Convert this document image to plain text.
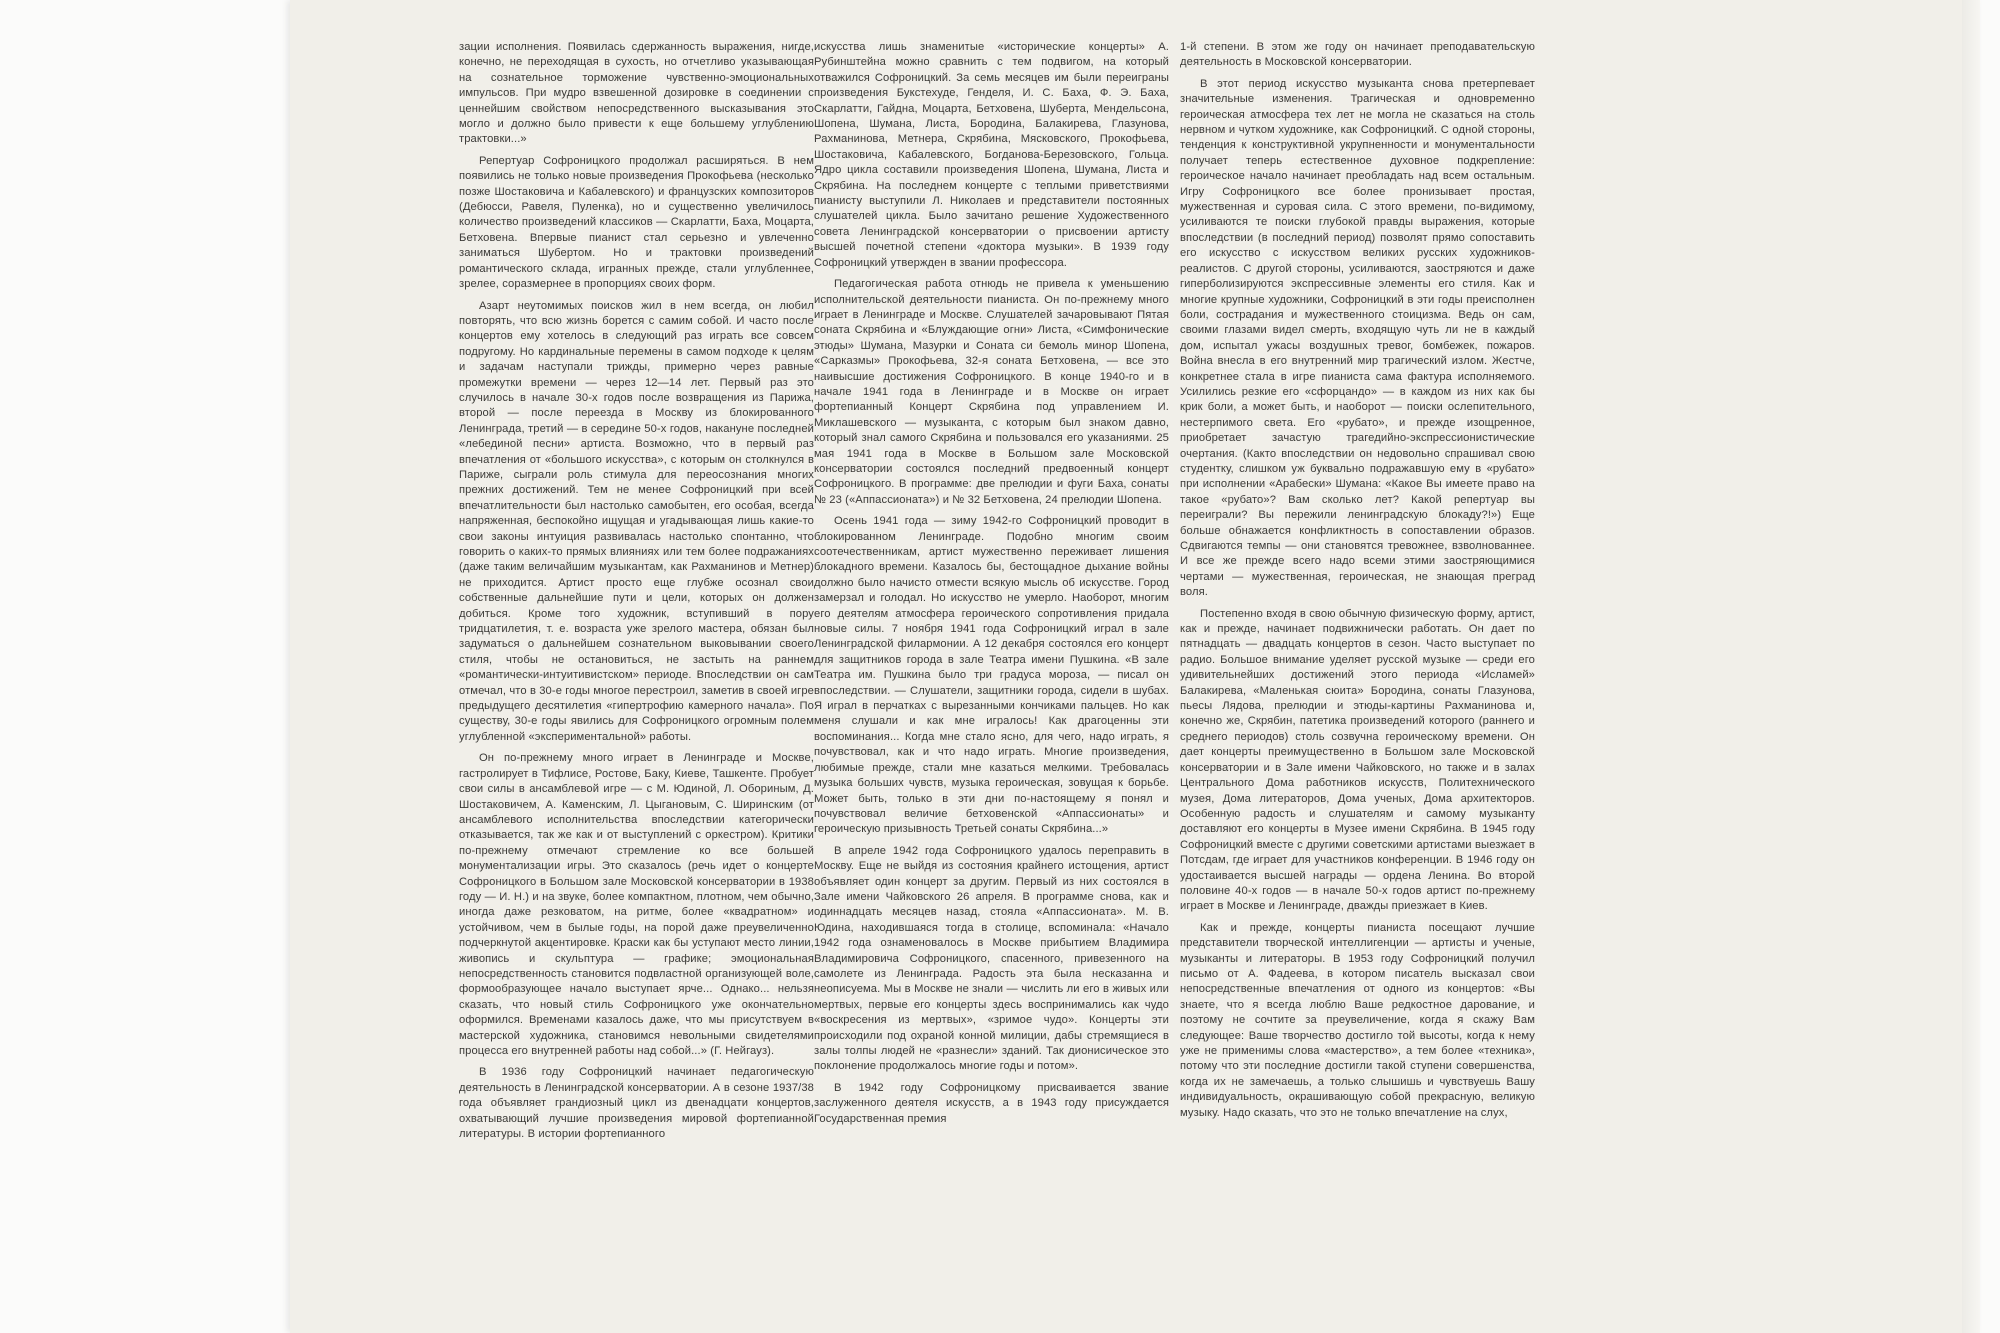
зации исполнения. Появилась сдержанность выражения, нигде, конечно, не переходящая в сухость, но отчетливо указывающая на сознательное торможение чувственно-эмоциональных импульсов. При мудро взвешенной дозировке в соединении с ценнейшим свойством непосредственного высказывания это могло и должно было привести к еще большему углублению трактовки...»

Репертуар Софроницкого продолжал расширяться. В нем появились не только новые произведения Прокофьева (несколько позже Шостаковича и Кабалевского) и французских композиторов (Дебюсси, Равеля, Пуленка), но и существенно увеличилось количество произведений классиков — Скарлатти, Баха, Моцарта, Бетховена. Впервые пианист стал серьезно и увлеченно заниматься Шубертом. Но и трактовки произведений романтического склада, игранных прежде, стали углубленнее, зрелее, соразмернее в пропорциях своих форм.

Азарт неутомимых поисков жил в нем всегда, он любил повторять, что всю жизнь борется с самим собой. И часто после концертов ему хотелось в следующий раз играть все совсем подругому. Но кардинальные перемены в самом подходе к целям и задачам наступали трижды, примерно через равные промежутки времени — через 12—14 лет. Первый раз это случилось в начале 30-х годов после возвращения из Парижа, второй — после переезда в Москву из блокированного Ленинграда, третий — в середине 50-х годов, накануне последней «лебединой песни» артиста. Возможно, что в первый раз впечатления от «большого искусства», с которым он столкнулся в Париже, сыграли роль стимула для переосознания многих прежних достижений. Тем не менее Софроницкий при всей впечатлительности был настолько самобытен, его особая, всегда напряженная, беспокойно ищущая и угадывающая лишь какие-то свои законы интуиция развивалась настолько спонтанно, что говорить о каких-то прямых влияниях или тем более подражаниях (даже таким величайшим музыкантам, как Рахманинов и Метнер) не приходится. Артист просто еще глубже осознал свои собственные дальнейшие пути и цели, которых он должен добиться. Кроме того художник, вступивший в пору тридцатилетия, т. е. возраста уже зрелого мастера, обязан был задуматься о дальнейшем сознательном выковывании своего стиля, чтобы не остановиться, не застыть на раннем «романтически-интуитивистском» периоде. Впоследствии он сам отмечал, что в 30-е годы многое перестроил, заметив в своей игре предыдущего десятилетия «гипертрофию камерного начала». По существу, 30-е годы явились для Софроницкого огромным полем углубленной «экспериментальной» работы.

Он по-прежнему много играет в Ленинграде и Москве, гастролирует в Тифлисе, Ростове, Баку, Киеве, Ташкенте. Пробует свои силы в ансамблевой игре — с М. Юдиной, Л. Обориным, Д. Шостаковичем, А. Каменским, Л. Цыгановым, С. Ширинским (от ансамблевого исполнительства впоследствии категорически отказывается, так же как и от выступлений с оркестром). Критики по-прежнему отмечают стремление ко все большей монументализации игры. Это сказалось (речь идет о концерте Софроницкого в Большом зале Московской консерватории в 1938 году — И. Н.) и на звуке, более компактном, плотном, чем обычно, иногда даже резковатом, на ритме, более «квадратном» и устойчивом, чем в былые годы, на порой даже преувеличенно подчеркнутой акцентировке. Краски как бы уступают место линии, живопись и скульптура — графике; эмоциональная непосредственность становится подвластной организующей воле, формообразующее начало выступает ярче... Однако... нельзя сказать, что новый стиль Софроницкого уже окончательно оформился. Временами казалось даже, что мы присутствуем в мастерской художника, становимся невольными свидетелями процесса его внутренней работы над собой...» (Г. Нейгауз).

В 1936 году Софроницкий начинает педагогическую деятельность в Ленинградской консерватории. А в сезоне 1937/38 года объявляет грандиозный цикл из двенадцати концертов, охватывающий лучшие произведения мировой фортепианной литературы. В истории фортепианного

искусства лишь знаменитые «исторические концерты» А. Рубинштейна можно сравнить с тем подвигом, на который отважился Софроницкий. За семь месяцев им были переиграны произведения Букстехуде, Генделя, И. С. Баха, Ф. Э. Баха, Скарлатти, Гайдна, Моцарта, Бетховена, Шуберта, Мендельсона, Шопена, Шумана, Листа, Бородина, Балакирева, Глазунова, Рахманинова, Метнера, Скрябина, Мясковского, Прокофьева, Шостаковича, Кабалевского, Богданова-Березовского, Гольца. Ядро цикла составили произведения Шопена, Шумана, Листа и Скрябина. На последнем концерте с теплыми приветствиями пианисту выступили Л. Николаев и представители постоянных слушателей цикла. Было зачитано решение Художественного совета Ленинградской консерватории о присвоении артисту высшей почетной степени «доктора музыки». В 1939 году Софроницкий утвержден в звании профессора.

Педагогическая работа отнюдь не привела к уменьшению исполнительской деятельности пианиста. Он по-прежнему много играет в Ленинграде и Москве. Слушателей зачаровывают Пятая соната Скрябина и «Блуждающие огни» Листа, «Симфонические этюды» Шумана, Мазурки и Соната си бемоль минор Шопена, «Сарказмы» Прокофьева, 32-я соната Бетховена, — все это наивысшие достижения Софроницкого. В конце 1940-го и в начале 1941 года в Ленинграде и в Москве он играет фортепианный Концерт Скрябина под управлением И. Миклашевского — музыканта, с которым был знаком давно, который знал самого Скрябина и пользовался его указаниями. 25 мая 1941 года в Москве в Большом зале Московской консерватории состоялся последний предвоенный концерт Софроницкого. В программе: две прелюдии и фуги Баха, сонаты № 23 («Аппассионата») и № 32 Бетховена, 24 прелюдии Шопена.

Осень 1941 года — зиму 1942-го Софроницкий проводит в блокированном Ленинграде. Подобно многим своим соотечественникам, артист мужественно переживает лишения блокадного времени. Казалось бы, бестощадное дыхание войны должно было начисто отмести всякую мысль об искусстве. Город замерзал и голодал. Но искусство не умерло. Наоборот, многим его деятелям атмосфера героического сопротивления придала новые силы. 7 ноября 1941 года Софроницкий играл в зале Ленинградской филармонии. А 12 декабря состоялся его концерт для защитников города в зале Театра имени Пушкина. «В зале Театра им. Пушкина было три градуса мороза, — писал он впоследствии. — Слушатели, защитники города, сидели в шубах. Я играл в перчатках с вырезанными кончиками пальцев. Но как меня слушали и как мне игралось! Как драгоценны эти воспоминания... Когда мне стало ясно, для чего, надо играть, я почувствовал, как и что надо играть. Многие произведения, любимые прежде, стали мне казаться мелкими. Требовалась музыка больших чувств, музыка героическая, зовущая к борьбе. Может быть, только в эти дни по-настоящему я понял и почувствовал величие бетховенской «Аппассионаты» и героическую призывность Третьей сонаты Скрябина...»

В апреле 1942 года Софроницкого удалось переправить в Москву. Еще не выйдя из состояния крайнего истощения, артист объявляет один концерт за другим. Первый из них состоялся в Зале имени Чайковского 26 апреля. В программе снова, как и одиннадцать месяцев назад, стояла «Аппассионата». М. В. Юдина, находившаяся тогда в столице, вспоминала: «Начало 1942 года ознаменовалось в Москве прибытием Владимира Владимировича Софроницкого, спасенного, привезенного на самолете из Ленинграда. Радость эта была несказанна и неописуема. Мы в Москве не знали — числить ли его в живых или мертвых, первые его концерты здесь воспринимались как чудо «воскресения из мертвых», «зримое чудо». Концерты эти происходили под охраной конной милиции, дабы стремящиеся в залы толпы людей не «разнесли» зданий. Так дионисическое это поклонение продолжалось многие годы и потом».

В 1942 году Софроницкому присваивается звание заслуженного деятеля искусств, а в 1943 году присуждается Государственная премия

1-й степени. В этом же году он начинает преподавательскую деятельность в Московской консерватории.

В этот период искусство музыканта снова претерпевает значительные изменения. Трагическая и одновременно героическая атмосфера тех лет не могла не сказаться на столь нервном и чутком художнике, как Софроницкий. С одной стороны, тенденция к конструктивной укрупненности и монументальности получает теперь естественное духовное подкрепление: героическое начало начинает преобладать над всем остальным. Игру Софроницкого все более пронизывает простая, мужественная и суровая сила. С этого времени, по-видимому, усиливаются те поиски глубокой правды выражения, которые впоследствии (в последний период) позволят прямо сопоставить его искусство с искусством великих русских художников-реалистов. С другой стороны, усиливаются, заостряются и даже гиперболизируются экспрессивные элементы его стиля. Как и многие крупные художники, Софроницкий в эти годы преисполнен боли, сострадания и мужественного стоицизма. Ведь он сам, своими глазами видел смерть, входящую чуть ли не в каждый дом, испытал ужасы воздушных тревог, бомбежек, пожаров. Война внесла в его внутренний мир трагический излом. Жестче, конкретнее стала в игре пианиста сама фактура исполняемого. Усилились резкие его «сфорцандо» — в каждом из них как бы крик боли, а может быть, и наоборот — поиски ослепительного, нестерпимого света. Его «рубато», и прежде изощренное, приобретает зачастую трагедийно-экспрессионистические очертания. (Както впоследствии он недовольно спрашивал свою студентку, слишком уж буквально подражавшую ему в «рубато» при исполнении «Арабески» Шумана: «Какое Вы имеете право на такое «рубато»? Вам сколько лет? Какой репертуар вы переиграли? Вы пережили ленинградскую блокаду?!») Еще больше обнажается конфликтность в сопоставлении образов. Сдвигаются темпы — они становятся тревожнее, взволнованнее. И все же прежде всего надо всеми этими заостряющимися чертами — мужественная, героическая, не знающая преград воля.

Постепенно входя в свою обычную физическую форму, артист, как и прежде, начинает подвижнически работать. Он дает по пятнадцать — двадцать концертов в сезон. Часто выступает по радио. Большое внимание уделяет русской музыке — среди его удивительнейших достижений этого периода «Исламей» Балакирева, «Маленькая сюита» Бородина, сонаты Глазунова, пьесы Лядова, прелюдии и этюды-картины Рахманинова и, конечно же, Скрябин, патетика произведений которого (раннего и среднего периодов) столь созвучна героическому времени. Он дает концерты преимущественно в Большом зале Московской консерватории и в Зале имени Чайковского, но также и в залах Центрального Дома работников искусств, Политехнического музея, Дома литераторов, Дома ученых, Дома архитекторов. Особенную радость и слушателям и самому музыканту доставляют его концерты в Музее имени Скрябина. В 1945 году Софроницкий вместе с другими советскими артистами выезжает в Потсдам, где играет для участников конференции. В 1946 году он удостаивается высшей награды — ордена Ленина. Во второй половине 40-х годов — в начале 50-х годов артист по-прежнему играет в Москве и Ленинграде, дважды приезжает в Киев.

Как и прежде, концерты пианиста посещают лучшие представители творческой интеллигенции — артисты и ученые, музыканты и литераторы. В 1953 году Софроницкий получил письмо от А. Фадеева, в котором писатель высказал свои непосредственные впечатления от одного из концертов: «Вы знаете, что я всегда люблю Ваше редкостное дарование, и поэтому не сочтите за преувеличение, когда я скажу Вам следующее: Ваше творчество достигло той высоты, когда к нему уже не применимы слова «мастерство», а тем более «техника», потому что эти последние достигли такой ступени совершенства, когда их не замечаешь, а только слышишь и чувствуешь Вашу индивидуальность, окрашивающую собой прекрасную, великую музыку. Надо сказать, что это не только впечатление на слух,
